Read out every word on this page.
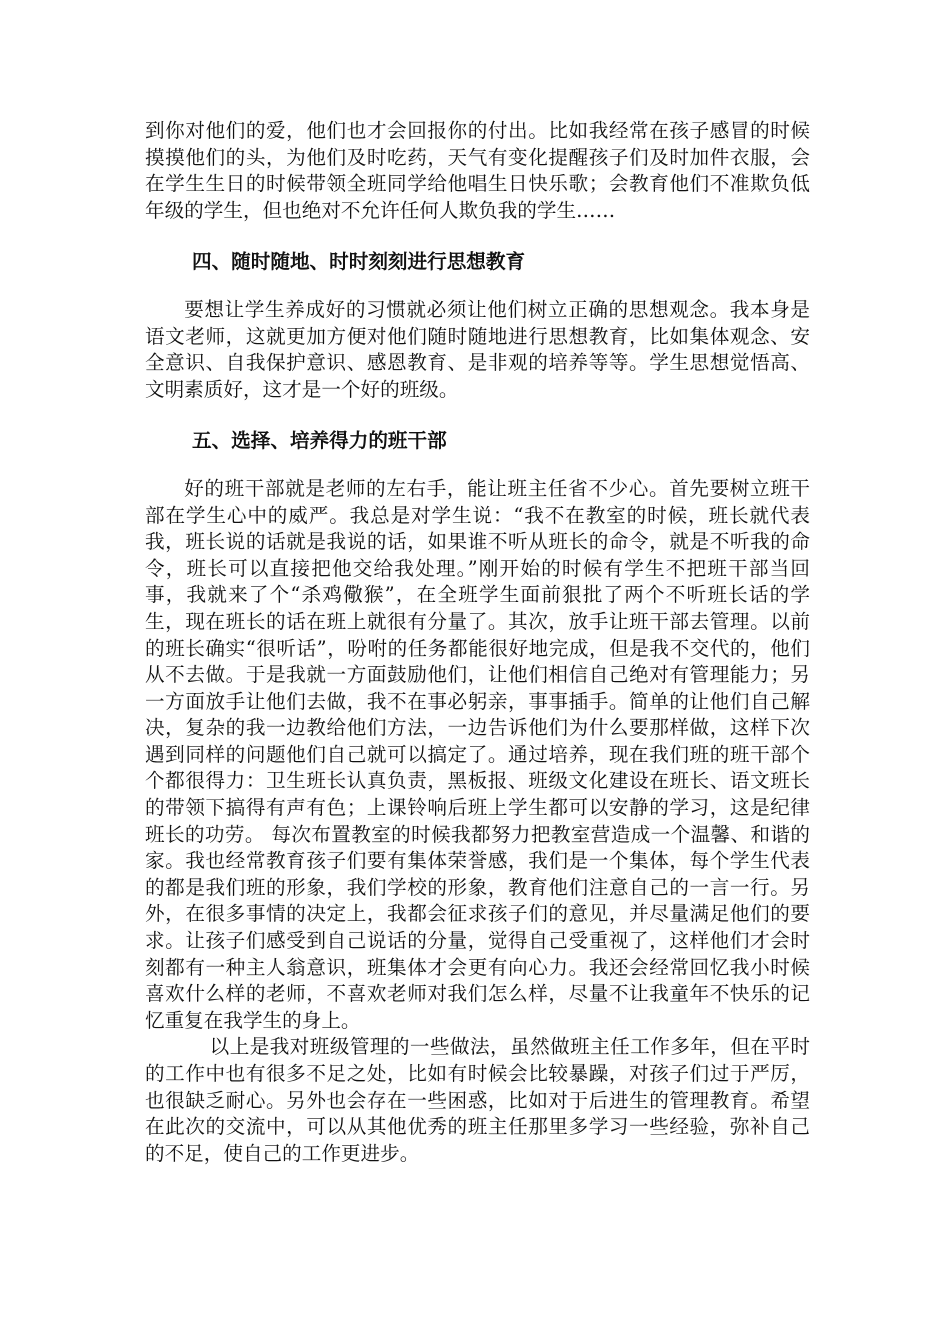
到你对他们的爱，他们也才会回报你的付出。比如我经常在孩子感冒的时候摸摸他们的头，为他们及时吃药，天气有变化提醒孩子们及时加件衣服，会在学生生日的时候带领全班同学给他唱生日快乐歌；会教育他们不准欺负低年级的学生，但也绝对不允许任何人欺负我的学生……

四、随时随地、时时刻刻进行思想教育

要想让学生养成好的习惯就必须让他们树立正确的思想观念。我本身是语文老师，这就更加方便对他们随时随地进行思想教育，比如集体观念、安全意识、自我保护意识、感恩教育、是非观的培养等等。学生思想觉悟高、文明素质好，这才是一个好的班级。

五、选择、培养得力的班干部

好的班干部就是老师的左右手，能让班主任省不少心。首先要树立班干部在学生心中的威严。我总是对学生说：“我不在教室的时候，班长就代表我，班长说的话就是我说的话，如果谁不听从班长的命令，就是不听我的命令，班长可以直接把他交给我处理。”刚开始的时候有学生不把班干部当回事，我就来了个“杀鸡儆猴”，在全班学生面前狠批了两个不听班长话的学生，现在班长的话在班上就很有分量了。其次，放手让班干部去管理。以前的班长确实“很听话”，吩咐的任务都能很好地完成，但是我不交代的，他们从不去做。于是我就一方面鼓励他们，让他们相信自己绝对有管理能力；另一方面放手让他们去做，我不在事必躬亲，事事插手。简单的让他们自己解决，复杂的我一边教给他们方法，一边告诉他们为什么要那样做，这样下次遇到同样的问题他们自己就可以搞定了。通过培养，现在我们班的班干部个个都很得力：卫生班长认真负责，黑板报、班级文化建设在班长、语文班长的带领下搞得有声有色；上课铃响后班上学生都可以安静的学习，这是纪律班长的功劳。 每次布置教室的时候我都努力把教室营造成一个温馨、和谐的家。我也经常教育孩子们要有集体荣誉感，我们是一个集体，每个学生代表的都是我们班的形象，我们学校的形象，教育他们注意自己的一言一行。另外，在很多事情的决定上，我都会征求孩子们的意见，并尽量满足他们的要求。让孩子们感受到自己说话的分量，觉得自己受重视了，这样他们才会时刻都有一种主人翁意识，班集体才会更有向心力。我还会经常回忆我小时候喜欢什么样的老师，不喜欢老师对我们怎么样，尽量不让我童年不快乐的记忆重复在我学生的身上。

以上是我对班级管理的一些做法，虽然做班主任工作多年，但在平时的工作中也有很多不足之处，比如有时候会比较暴躁，对孩子们过于严厉，也很缺乏耐心。另外也会存在一些困惑，比如对于后进生的管理教育。希望在此次的交流中，可以从其他优秀的班主任那里多学习一些经验，弥补自己的不足，使自己的工作更进步。
